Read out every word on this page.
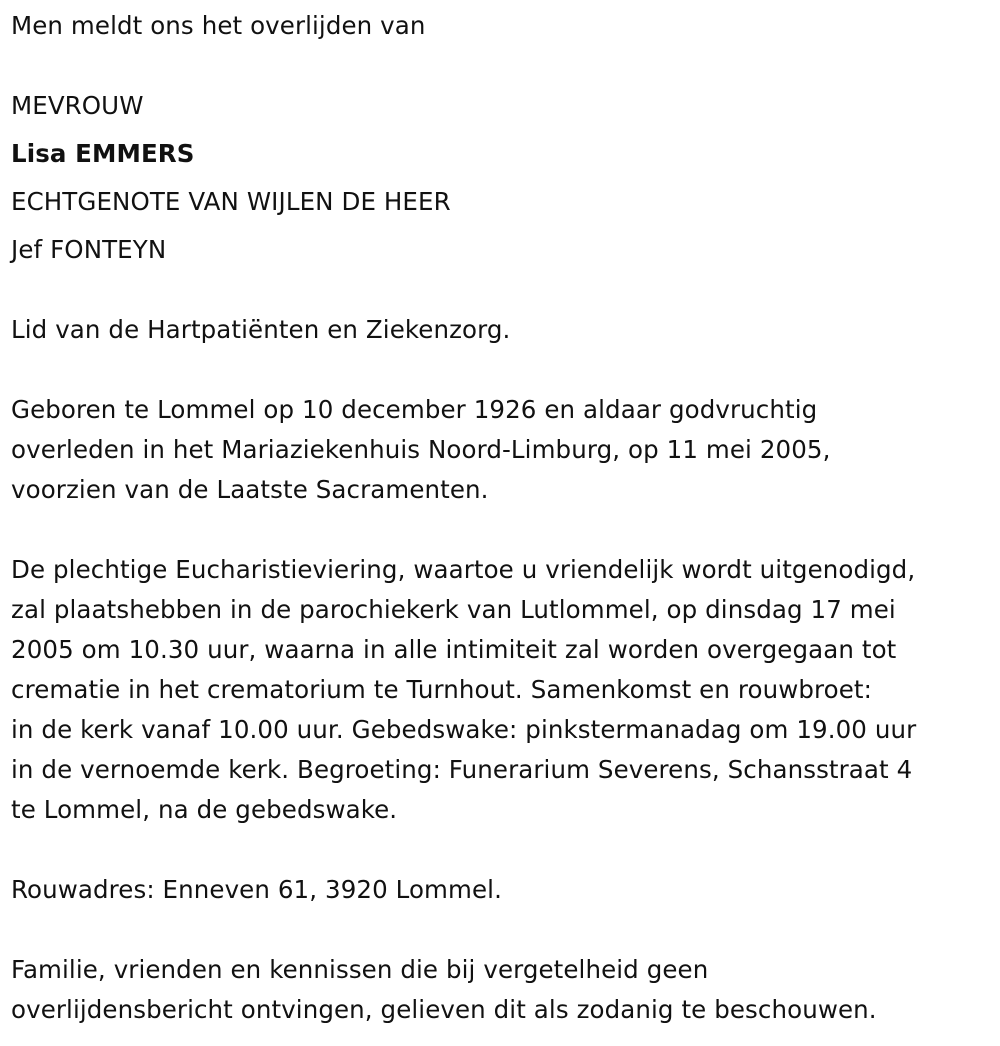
Men meldt ons het overlijden van
MEVROUW
Lisa EMMERS
ECHTGENOTE VAN WIJLEN DE HEER
Jef FONTEYN
Lid van de Hartpatiënten en Ziekenzorg.
Geboren te Lommel op 10 december 1926 en aldaar godvruchtig
overleden in het Mariaziekenhuis Noord-Limburg, op 11 mei 2005,
voorzien van de Laatste Sacramenten.
De plechtige Eucharistieviering, waartoe u vriendelijk wordt uitgenodigd,
zal plaatshebben in de parochiekerk van Lutlommel, op dinsdag 17 mei
2005 om 10.30 uur, waarna in alle intimiteit zal worden overgegaan tot
crematie in het crematorium te Turnhout. Samenkomst en rouwbroet:
in de kerk vanaf 10.00 uur. Gebedswake: pinkstermanadag om 19.00 uur
in de vernoemde kerk. Begroeting: Funerarium Severens, Schansstraat 4
te Lommel, na de gebedswake.
Rouwadres: Enneven 61, 3920 Lommel.
Familie, vrienden en kennissen die bij vergetelheid geen
overlijdensbericht ontvingen, gelieven dit als zodanig te beschouwen.
